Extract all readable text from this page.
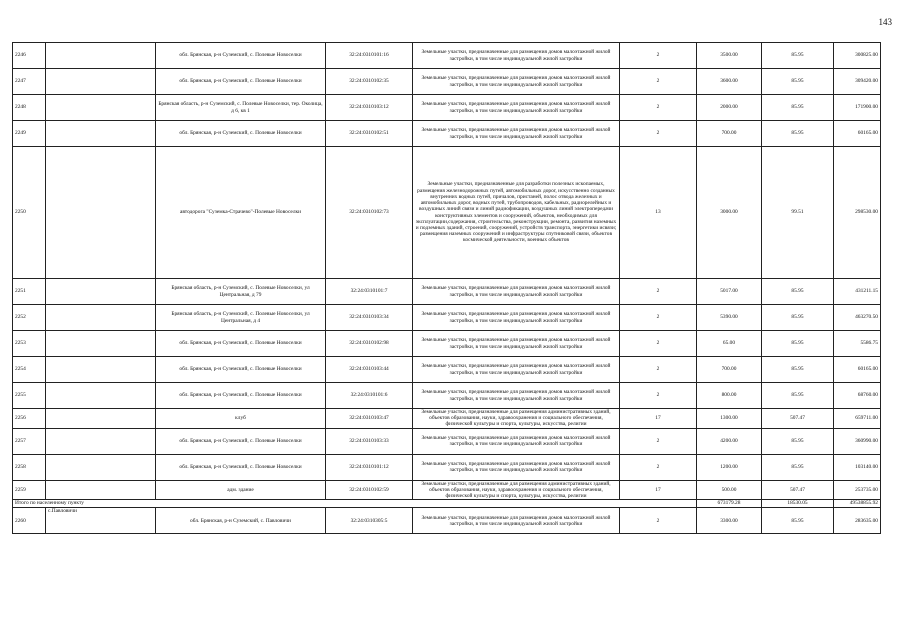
143
2246		обл. Брянская, р-н Суземский, с. Полевые Новоселки	32:24:0310101:16	Земельные участки, предназначенные для размещения домов малоэтажной жилой застройки, в том числе индивидуальной жилой застройки	2	3500.00	85.95	300825.00
2247		обл. Брянская, р-н Суземский, с. Полевые Новоселки	32:24:0310102:35	Земельные участки, предназначенные для размещения домов малоэтажной жилой застройки, в том числе индивидуальной жилой застройки	2	3600.00	85.95	309420.00
2248		Брянская область, р-н Суземский, с. Полевые Новоселки, тер. Околица, д 6, кв 1	32:24:0310103:12	Земельные участки, предназначенные для размещения домов малоэтажной жилой застройки, в том числе индивидуальной жилой застройки	2	2000.00	85.95	171900.00
2249		обл. Брянская, р-н Суземский, с. Полевые Новоселки	32:24:0310102:51	Земельные участки, предназначенные для размещения домов малоэтажной жилой застройки, в том числе индивидуальной жилой застройки	2	700.00	85.95	60165.00
2250		автодорога "Суземка-Страчево"-Полевые Новоселки	32:24:0310102:73	Земельные участки, предназначенные для разработки полезных ископаемых, размещения железнодорожных путей, автомобильных дорог, искусственно созданных внутренних водных путей, причалов, пристаней, полос отвода железных и автомобильных дорог, водных путей, трубопроводов, кабельных, радиорелейных и воздушных линий связи и линий радиофикации, воздушных линий электропередачи конструктивных элементов и сооружений, объектов, необходимых для эксплуатации,содержания, строительства, реконструкции, ремонта, развития наземных и подземных зданий, строений, сооружений, устройств транспорта, энергетики исвязи; размещения наземных сооружений и инфраструктуры спутниковой связи, объектов космической деятельности, военных объектов	13	3000.00	99.51	298530.00
2251		Брянская область, р-н Суземский, с. Полевые Новоселки, ул Центральная, д 79	32:24:0310101:7	Земельные участки, предназначенные для размещения домов малоэтажной жилой застройки, в том числе индивидуальной жилой застройки	2	5017.00	85.95	431211.15
2252		Брянская область, р-н Суземский, с. Полевые Новоселки, ул Центральная, д 4	32:24:0310103:34	Земельные участки, предназначенные для размещения домов малоэтажной жилой застройки, в том числе индивидуальной жилой застройки	2	5390.00	85.95	463270.50
2253		обл. Брянская, р-н Суземский, с. Полевые Новоселки	32:24:0310102:98	Земельные участки, предназначенные для размещения домов малоэтажной жилой застройки, в том числе индивидуальной жилой застройки	2	65.00	85.95	5586.75
2254		обл. Брянская, р-н Суземский, с. Полевые Новоселки	32:24:0310103:44	Земельные участки, предназначенные для размещения домов малоэтажной жилой застройки, в том числе индивидуальной жилой застройки	2	700.00	85.95	60165.00
2255		обл. Брянская, р-н Суземский, с. Полевые Новоселки	32:24:0310101:6	Земельные участки, предназначенные для размещения домов малоэтажной жилой застройки, в том числе индивидуальной жилой застройки	2	800.00	85.95	68760.00
2256		клуб	32:24:0310103:47	Земельные участки, предназначенные для размещения административных зданий, объектов образования, науки, здравоохранения и социального обеспечения, физической культуры и спорта, культуры, искусства, религии	17	1300.00	507.47	659711.00
2257		обл. Брянская, р-н Суземский, с. Полевые Новоселки	32:24:0310103:33	Земельные участки, предназначенные для размещения домов малоэтажной жилой застройки, в том числе индивидуальной жилой застройки	2	4200.00	85.95	360990.00
2258		обл. Брянская, р-н Суземский, с. Полевые Новоселки	32:24:0310101:12	Земельные участки, предназначенные для размещения домов малоэтажной жилой застройки, в том числе индивидуальной жилой застройки	2	1200.00	85.95	103140.00
2259		адм. здание	32:24:0310102:59	Земельные участки, предназначенные для размещения административных зданий, объектов образования, науки, здравоохранения и социального обеспечения, физической культуры и спорта, культуры, искусства, религии	17	500.00	507.47	253735.00
Итого по населенному пункту						673179.28	18530.05	49538855.92
2260	с.Павловичи	обл. Брянская, р-н Суземский, с. Павловичи	32:24:0310305:5	Земельные участки, предназначенные для размещения домов малоэтажной жилой застройки, в том числе индивидуальной жилой застройки	2	3300.00	85.95	283635.00
